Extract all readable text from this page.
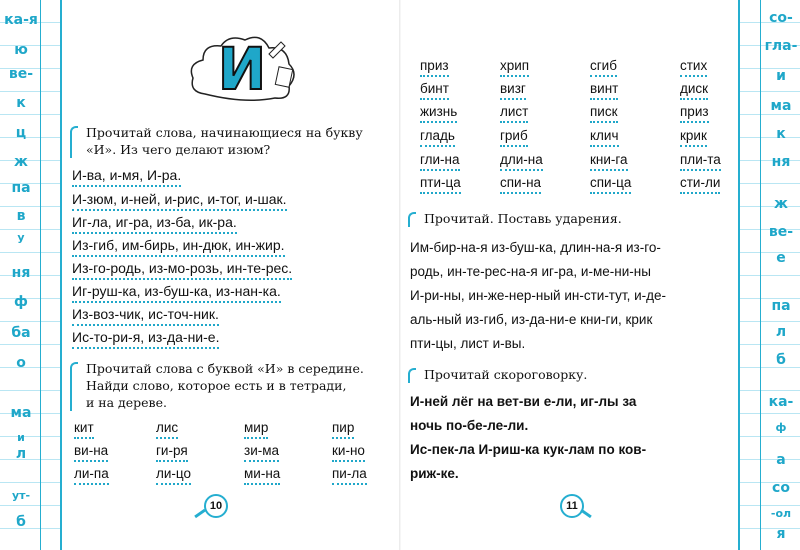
ка-я
ю
ве-
к
ц
ж
па
в
у
ня
ф
ба
о
ма
и
л
ут-
б
со-
гла-
и
ма
к
ня
ж
ве-
е
па
л
б
ка-
ф
а
со
-ол
я
И
Прочитай слова, начинающиеся на букву
«И». Из чего делают изюм?
И-ва, и-мя, И-ра.
И-зюм, и-ней, и-рис, и-тог, и-шак.
Иг-ла, иг-ра, из-ба, ик-ра.
Из-гиб, им-бирь, ин-дюк, ин-жир.
Из-го-родь, из-мо-розь, ин-те-рес.
Иг-руш-ка, из-буш-ка, из-нан-ка.
Из-воз-чик, ис-точ-ник.
Ис-то-ри-я, из-да-ни-е.
Прочитай слова с буквой «И» в середине.
Найди слово, которое есть и в тетради,
и на дереве.
кит	лис	мир	пир
ви-на	ги-ря	зи-ма	ки-но
ли-па	ли-цо	ми-на	пи-ла
10
приз	хрип	сгиб	стих
бинт	визг	винт	диск
жизнь	лист	писк	приз
гладь	гриб	клич	крик
гли-на	дли-на	кни-га	пли-та
пти-ца	спи-на	спи-ца	сти-ли
Прочитай. Поставь ударения.
Им-бир-на-я из-буш-ка, длин-на-я из-го-
родь, ин-те-рес-на-я иг-ра, и-ме-ни-ны
И-ри-ны, ин-же-нер-ный ин-сти-тут, и-де-
аль-ный из-гиб, из-да-ни-е кни-ги, крик
пти-цы, лист и-вы.
Прочитай скороговорку.
И-ней лёг на вет-ви е-ли, иг-лы за
ночь по-бе-ле-ли.
Ис-пек-ла И-риш-ка кук-лам по ков-
риж-ке.
11
